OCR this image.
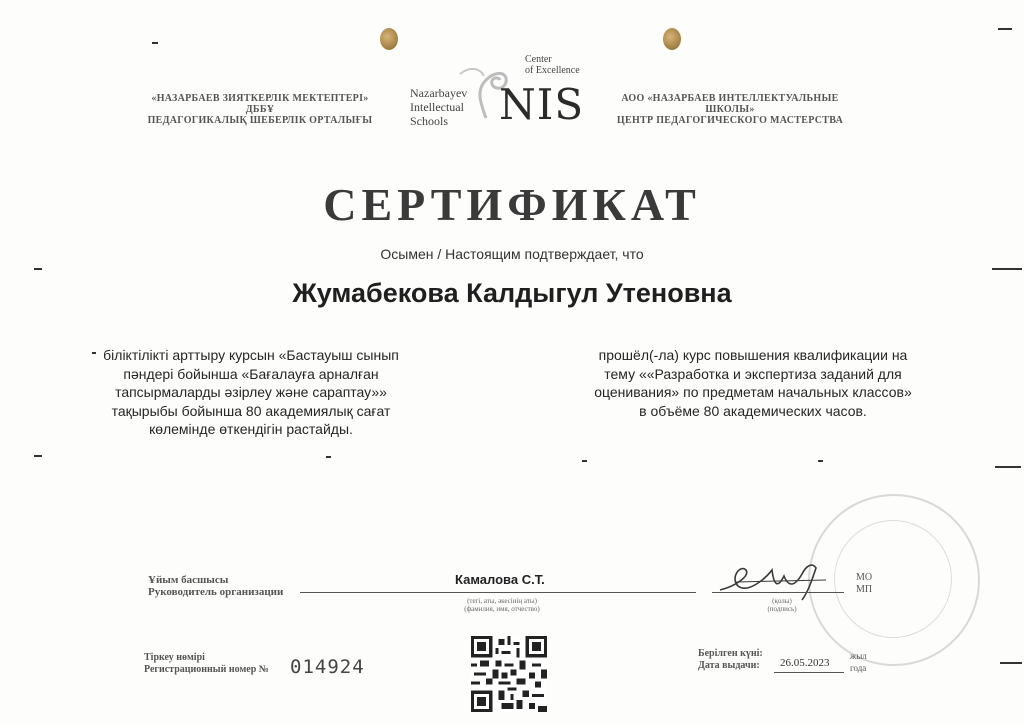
«НАЗАРБАЕВ ЗИЯТКЕРЛІК МЕКТЕПТЕРІ» ДББҰ
ПЕДАГОГИКАЛЫҚ ШЕБЕРЛІК ОРТАЛЫҒЫ
АОО «НАЗАРБАЕВ ИНТЕЛЛЕКТУАЛЬНЫЕ ШКОЛЫ»
ЦЕНТР ПЕДАГОГИЧЕСКОГО МАСТЕРСТВА
Nazarbayev
Intellectual
Schools
Center
of Excellence
NIS
СЕРТИФИКАТ
Осымен / Настоящим подтверждает, что
Жумабекова Калдыгул Утеновна
біліктілікті арттыру курсын «Бастауыш сынып
пәндері бойынша «Бағалауға арналған
тапсырмаларды әзірлеу және сараптау»»
тақырыбы бойынша 80 академиялық сағат
көлемінде өткендігін растайды.
прошёл(-ла) курс повышения квалификации на
тему ««Разработка и экспертиза заданий для
оценивания» по предметам начальных классов»
в объёме 80 академических часов.
Ұйым басшысы
Руководитель организации
Камалова С.Т.
(тегі, аты, әкесінің аты)
(фамилия, имя, отчество)
(қолы)
(подпись)
МО
МП
Тіркеу нөмірі
Регистрационный номер № 014924
Берілген күні:
Дата выдачи: 26.05.2023
жыл
года
